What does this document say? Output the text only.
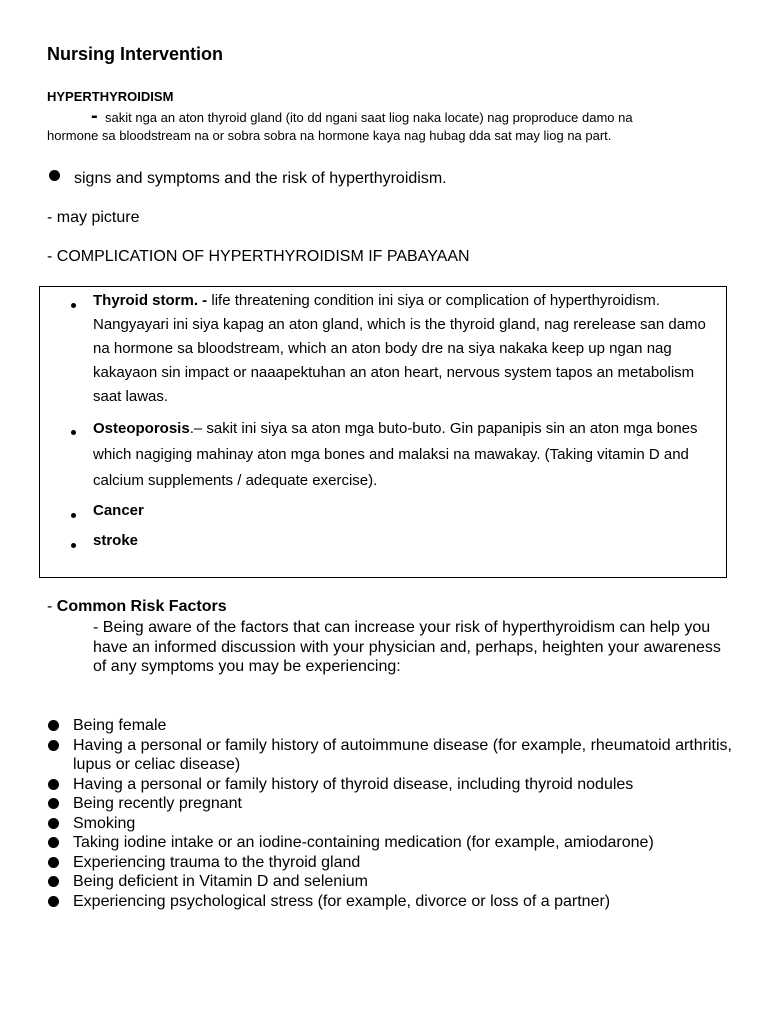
Nursing Intervention
HYPERTHYROIDISM
- sakit nga an aton thyroid gland (ito dd ngani saat liog naka locate) nag proproduce damo na
hormone sa bloodstream na or sobra sobra na hormone kaya nag hubag dda sat may liog na part.
signs and symptoms and the risk of hyperthyroidism.
- may picture
- COMPLICATION OF HYPERTHYROIDISM IF PABAYAAN
Thyroid storm. - life threatening condition ini siya or complication of hyperthyroidism. Nangyayari ini siya kapag an aton gland, which is the thyroid gland, nag rerelease san damo na hormone sa bloodstream, which an aton body dre na siya nakaka keep up ngan nag kakayaon sin impact or naaapektuhan an aton heart, nervous system tapos an metabolism saat lawas.
Osteoporosis.– sakit ini siya sa aton mga buto-buto. Gin papanipis sin an aton mga bones which nagiging mahinay aton mga bones and malaksi na mawakay. (Taking vitamin D and calcium supplements / adequate exercise).
Cancer
stroke
- Common Risk Factors
- Being aware of the factors that can increase your risk of hyperthyroidism can help you have an informed discussion with your physician and, perhaps, heighten your awareness of any symptoms you may be experiencing:
Being female
Having a personal or family history of autoimmune disease (for example, rheumatoid arthritis, lupus or celiac disease)
Having a personal or family history of thyroid disease, including thyroid nodules
Being recently pregnant
Smoking
Taking iodine intake or an iodine-containing medication (for example, amiodarone)
Experiencing trauma to the thyroid gland
Being deficient in Vitamin D and selenium
Experiencing psychological stress (for example, divorce or loss of a partner)
